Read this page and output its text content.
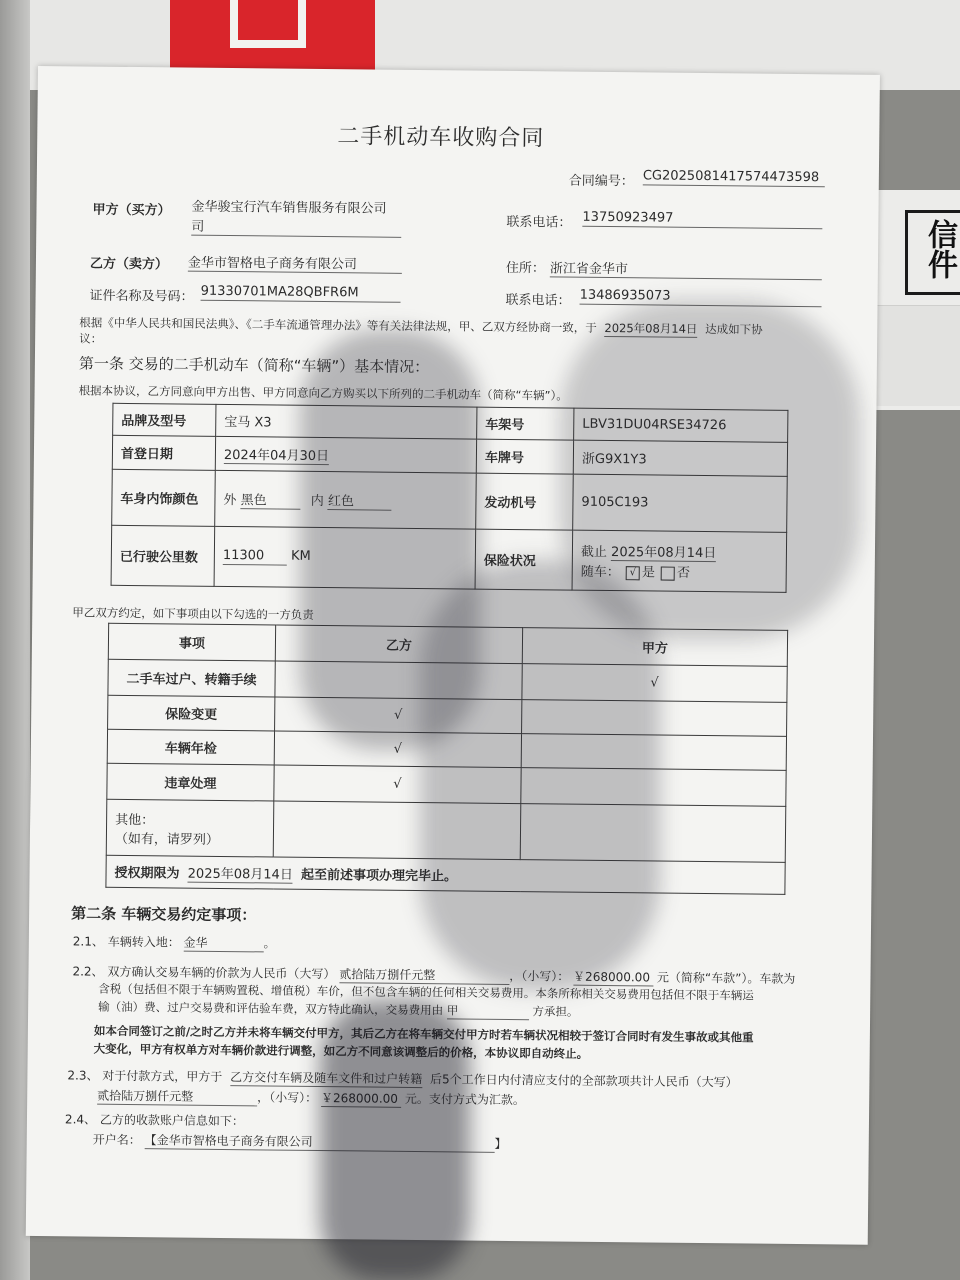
信件
二手机动车收购合同
合同编号： CG2025081417574473598
甲方（买方） 金华骏宝行汽车销售服务有限公司
司	联系电话： 13750923497
乙方（卖方） 金华市智格电子商务有限公司	住所： 浙江省金华市
证件名称及号码： 91330701MA28QBFR6M
联系电话： 13486935073
根据《中华人民共和国民法典》、《二手车流通管理办法》等有关法律法规，甲、乙双方经协商一致，于 2025年08月14日 达成如下协
议：
第一条 交易的二手机动车（简称“车辆”）基本情况：
根据本协议，乙方同意向甲方出售、甲方同意向乙方购买以下所列的二手机动车（简称“车辆”）。
品牌及型号	宝马 X3	车架号	LBV31DU04RSE34726
首登日期	2024年04月30日	车牌号	浙G9X1Y3
车身内饰颜色	外 黑色 内 红色	发动机号	9105C193
已行驶公里数	11300 KM	保险状况	截止 2025年08月14日
随车： √ 是 否
甲乙双方约定，如下事项由以下勾选的一方负责
事项	乙方	甲方
二手车过户、转籍手续		√
保险变更	√	
车辆年检	√	
违章处理	√	

其他：
（如有，请罗列）		

授权期限为 2025年08月14日 起至前述事项办理完毕止。		
第二条 车辆交易约定事项：
2.1、 车辆转入地： 金华	。
2.2、 双方确认交易车辆的价款为人民币（大写） 贰拾陆万捌仟元整	，（小写）： ￥268000.00 元（简称“车款”）。车款为
含税（包括但不限于车辆购置税、增值税）车价，但不包含车辆的任何相关交易费用。本条所称相关交易费用包括但不限于车辆运
输（油）费、过户交易费和评估验车费，双方特此确认，交易费用由 甲	方承担。
如本合同签订之前/之时乙方并未将车辆交付甲方，其后乙方在将车辆交付甲方时若车辆状况相较于签订合同时有发生事故或其他重
大变化，甲方有权单方对车辆价款进行调整，如乙方不同意该调整后的价格，本协议即自动终止。
2.3、 对于付款方式，甲方于 乙方交付车辆及随车文件和过户转籍 后5个工作日内付清应支付的全部款项共计人民币（大写）
贰拾陆万捌仟元整	，（小写）： ￥268000.00 元。支付方式为汇款。
2.4、 乙方的收款账户信息如下：
开户名： 【金华市智格电子商务有限公司	】
